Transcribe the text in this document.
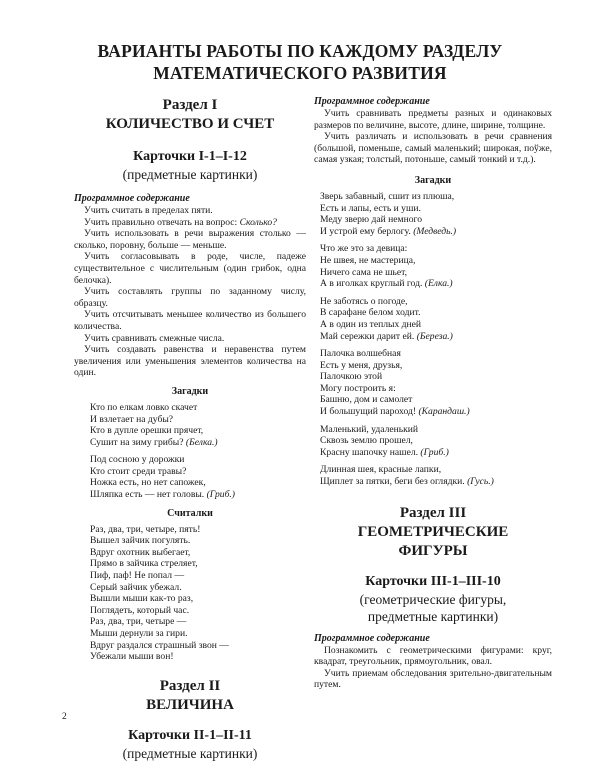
ВАРИАНТЫ РАБОТЫ ПО КАЖДОМУ РАЗДЕЛУ МАТЕМАТИЧЕСКОГО РАЗВИТИЯ
Раздел I
КОЛИЧЕСТВО И СЧЕТ
Карточки I-1–I-12
(предметные картинки)
Программное содержание
Учить считать в пределах пяти.
Учить правильно отвечать на вопрос: Сколько?
Учить использовать в речи выражения столько — сколько, поровну, больше — меньше.
Учить согласовывать в роде, числе, падеже существительное с числительным (один грибок, одна белочка).
Учить составлять группы по заданному числу, образцу.
Учить отсчитывать меньшее количество из большего количества.
Учить сравнивать смежные числа.
Учить создавать равенства и неравенства путем увеличения или уменьшения элементов количества на один.
Загадки
Кто по елкам ловко скачет
И взлетает на дубы?
Кто в дупле орешки прячет,
Сушит на зиму грибы? (Белка.)
Под сосною у дорожки
Кто стоит среди травы?
Ножка есть, но нет сапожек,
Шляпка есть — нет головы. (Гриб.)
Считалки
Раз, два, три, четыре, пять!
Вышел зайчик погулять.
Вдруг охотник выбегает,
Прямо в зайчика стреляет,
Пиф, паф! Не попал —
Серый зайчик убежал.
Вышли мыши как-то раз,
Поглядеть, который час.
Раз, два, три, четыре —
Мыши дернули за гири.
Вдруг раздался страшный звон —
Убежали мыши вон!
Раздел II
ВЕЛИЧИНА
Карточки II-1–II-11
(предметные картинки)
Программное содержание
Учить сравнивать предметы разных и одинаковых размеров по величине, высоте, длине, ширине, толщине.
Учить различать и использовать в речи сравнения (большой, поменьше, самый маленький; широкая, поўже, самая узкая; толстый, потоньше, самый тонкий и т.д.).
Загадки
Зверь забавный, сшит из плюша,
Есть и лапы, есть и уши.
Меду зверю дай немного
И устрой ему берлогу. (Медведь.)
Что же это за девица:
Не швея, не мастерица,
Ничего сама не шьет,
А в иголках круглый год. (Елка.)
Не заботясь о погоде,
В сарафане белом ходит.
А в один из теплых дней
Май сережки дарит ей. (Береза.)
Палочка волшебная
Есть у меня, друзья,
Палочкою этой
Могу построить я:
Башню, дом и самолет
И большущий пароход! (Карандаш.)
Маленький, удаленький
Сквозь землю прошел,
Красну шапочку нашел. (Гриб.)
Длинная шея, красные лапки,
Щиплет за пятки, беги без оглядки. (Гусь.)
Раздел III
ГЕОМЕТРИЧЕСКИЕ
ФИГУРЫ
Карточки III-1–III-10
(геометрические фигуры,
предметные картинки)
Программное содержание
Познакомить с геометрическими фигурами: круг, квадрат, треугольник, прямоугольник, овал.
Учить приемам обследования зрительно-двигательным путем.
2
